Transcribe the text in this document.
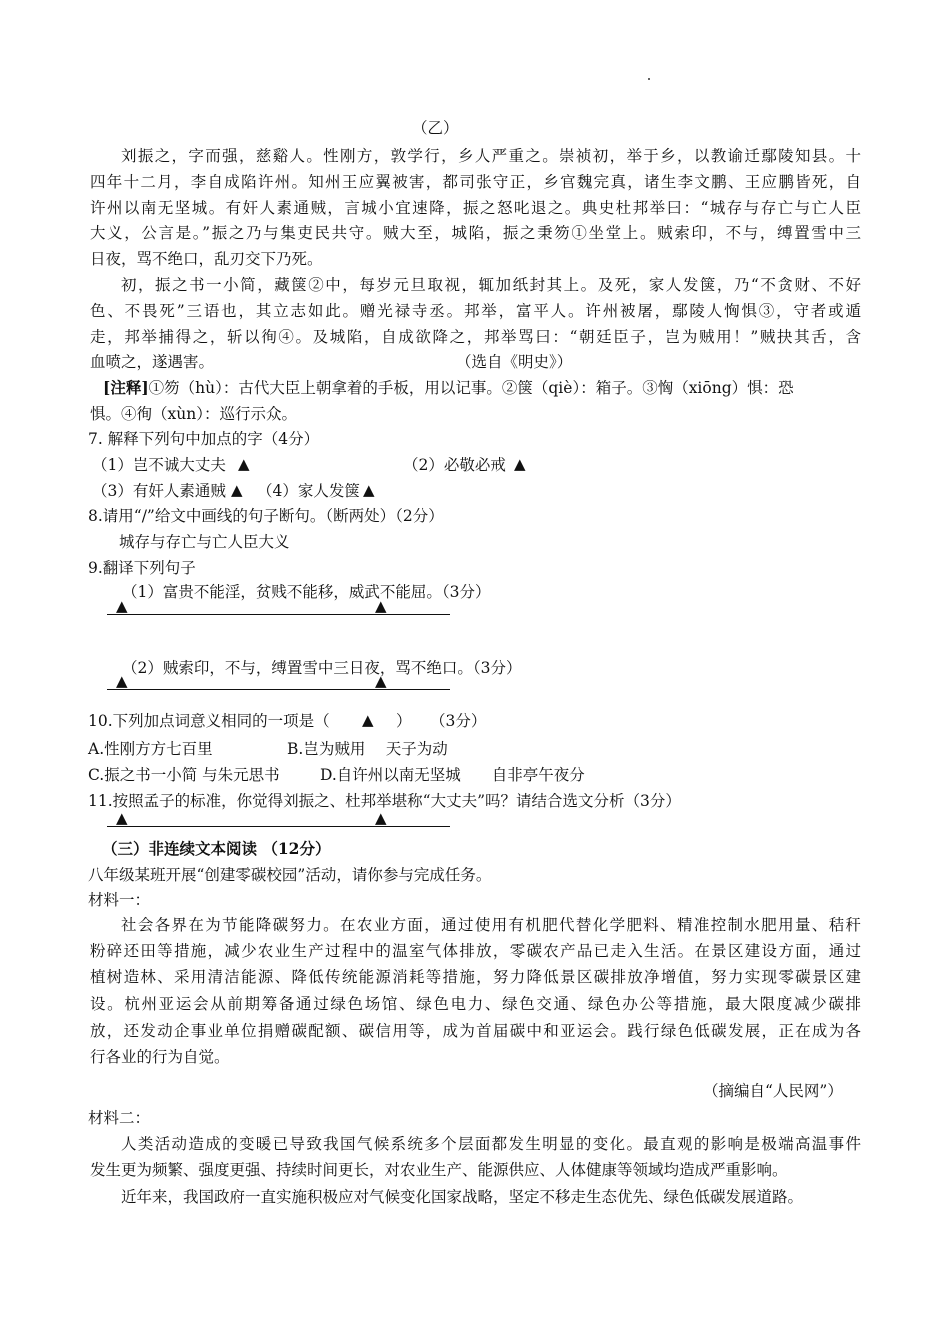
（乙）
刘振之，字而强，慈谿人。性刚方，敦学行，乡人严重之。崇祯初，举于乡，以教谕迁鄢陵知县。十
四年十二月，李自成陷许州。知州王应翼被害，都司张守正，乡官魏完真，诸生李文鹏、王应鹏皆死，自
许州以南无坚城。有奸人素通贼，言城小宜速降，振之怒叱退之。典史杜邦举曰：“城存与存亡与亡人臣
大义，公言是。”振之乃与集吏民共守。贼大至，城陷，振之秉笏①坐堂上。贼索印，不与，缚置雪中三
日夜，骂不绝口，乱刃交下乃死。
初，振之书一小简，藏箧②中，每岁元旦取视，辄加纸封其上。及死，家人发箧，乃“不贪财、不好
色、不畏死”三语也，其立志如此。赠光禄寺丞。邦举，富平人。许州被屠，鄢陵人恟惧③，守者或遁
走，邦举捕得之，斩以徇④。及城陷，自成欲降之，邦举骂曰：“朝廷臣子，岂为贼用！”贼抉其舌，含
血喷之，遂遇害。	（选自《明史》）
[注释]①笏（hù）：古代大臣上朝拿着的手板，用以记事。②箧（qiè）：箱子。③恟（xiōng）惧：恐
惧。④徇（xùn）：巡行示众。
7. 解释下列句中加点的字（4分）
（1）岂不诚大丈夫 ▲	（2）必敬必戒 ▲
（3）有奸人素通贼 ▲ （4）家人发箧 ▲
8.请用“/”给文中画线的句子断句。（断两处）（2分）
城存与存亡与亡人臣大义
9.翻译下列句子
（1）富贵不能淫，贫贱不能移，威武不能屈。（3分）
▲	▲
（2）贼索印，不与，缚置雪中三日夜，骂不绝口。（3分）
▲	▲
10.下列加点词意义相同的一项是（ ▲ ） （3分）
A.性刚方方七百里	B.岂为贼用　 天子为动
C.振之书一小简 与朱元思书	D.自许州以南无坚城　　自非亭午夜分
11.按照孟子的标准，你觉得刘振之、杜邦举堪称“大丈夫”吗？请结合选文分析（3分）
▲	▲
（三）非连续文本阅读 （12分）
八年级某班开展“创建零碳校园”活动，请你参与完成任务。
材料一：
社会各界在为节能降碳努力。在农业方面，通过使用有机肥代替化学肥料、精准控制水肥用量、秸秆
粉碎还田等措施，减少农业生产过程中的温室气体排放，零碳农产品已走入生活。在景区建设方面，通过
植树造林、采用清洁能源、降低传统能源消耗等措施，努力降低景区碳排放净增值，努力实现零碳景区建
设。杭州亚运会从前期筹备通过绿色场馆、绿色电力、绿色交通、绿色办公等措施，最大限度减少碳排
放，还发动企事业单位捐赠碳配额、碳信用等，成为首届碳中和亚运会。践行绿色低碳发展，正在成为各
行各业的行为自觉。
（摘编自“人民网”）
材料二：
人类活动造成的变暖已导致我国气候系统多个层面都发生明显的变化。最直观的影响是极端高温事件
发生更为频繁、强度更强、持续时间更长，对农业生产、能源供应、人体健康等领域均造成严重影响。
近年来，我国政府一直实施积极应对气候变化国家战略，坚定不移走生态优先、绿色低碳发展道路。
